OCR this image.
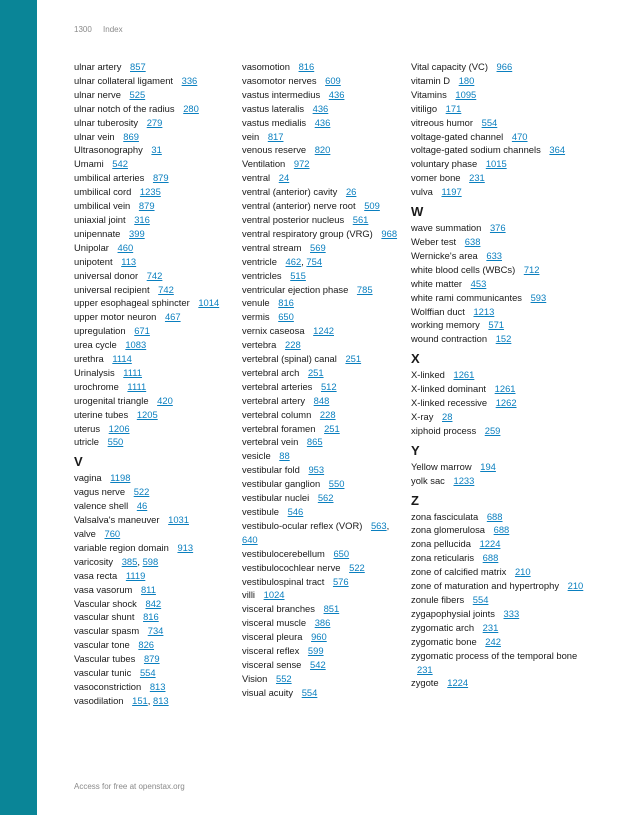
1300 Index
ulnar artery 857
ulnar collateral ligament 336
ulnar nerve 525
ulnar notch of the radius 280
ulnar tuberosity 279
ulnar vein 869
Ultrasonography 31
Umami 542
umbilical arteries 879
umbilical cord 1235
umbilical vein 879
uniaxial joint 316
unipennate 399
Unipolar 460
unipotent 113
universal donor 742
universal recipient 742
upper esophageal sphincter 1014
upper motor neuron 467
upregulation 671
urea cycle 1083
urethra 1114
Urinalysis 1111
urochrome 1111
urogenital triangle 420
uterine tubes 1205
uterus 1206
utricle 550
V
vagina 1198
vagus nerve 522
valence shell 46
Valsalva's maneuver 1031
valve 760
variable region domain 913
varicosity 385, 598
vasa recta 1119
vasa vasorum 811
Vascular shock 842
vascular shunt 816
vascular spasm 734
vascular tone 826
Vascular tubes 879
vascular tunic 554
vasoconstriction 813
vasodilation 151, 813
vasomotion 816
vasomotor nerves 609
vastus intermedius 436
vastus lateralis 436
vastus medialis 436
vein 817
venous reserve 820
Ventilation 972
ventral 24
ventral (anterior) cavity 26
ventral (anterior) nerve root 509
ventral posterior nucleus 561
ventral respiratory group (VRG) 968
ventral stream 569
ventricle 462, 754
ventricles 515
ventricular ejection phase 785
venule 816
vermis 650
vernix caseosa 1242
vertebra 228
vertebral (spinal) canal 251
vertebral arch 251
vertebral arteries 512
vertebral artery 848
vertebral column 228
vertebral foramen 251
vertebral vein 865
vesicle 88
vestibular fold 953
vestibular ganglion 550
vestibular nuclei 562
vestibule 546
vestibulo-ocular reflex (VOR) 563, 640
vestibulocerebellum 650
vestibulocochlear nerve 522
vestibulospinal tract 576
villi 1024
visceral branches 851
visceral muscle 386
visceral pleura 960
visceral reflex 599
visceral sense 542
Vision 552
visual acuity 554
Vital capacity (VC) 966
vitamin D 180
Vitamins 1095
vitiligo 171
vitreous humor 554
voltage-gated channel 470
voltage-gated sodium channels 364
voluntary phase 1015
vomer bone 231
vulva 1197
W
wave summation 376
Weber test 638
Wernicke's area 633
white blood cells (WBCs) 712
white matter 453
white rami communicantes 593
Wolffian duct 1213
working memory 571
wound contraction 152
X
X-linked 1261
X-linked dominant 1261
X-linked recessive 1262
X-ray 28
xiphoid process 259
Y
Yellow marrow 194
yolk sac 1233
Z
zona fasciculata 688
zona glomerulosa 688
zona pellucida 1224
zona reticularis 688
zone of calcified matrix 210
zone of maturation and hypertrophy 210
zonule fibers 554
zygapophysial joints 333
zygomatic arch 231
zygomatic bone 242
zygomatic process of the temporal bone 231
zygote 1224
Access for free at openstax.org
